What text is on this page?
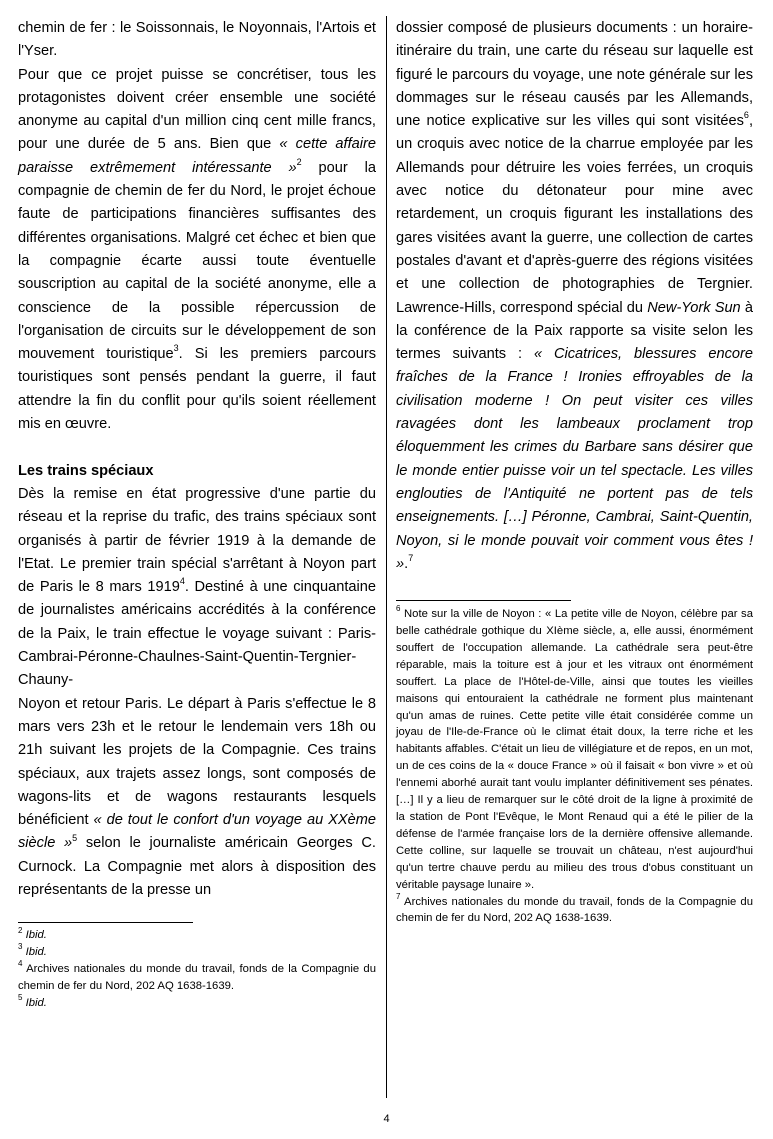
chemin de fer : le Soissonnais, le Noyonnais, l'Artois et l'Yser.

Pour que ce projet puisse se concrétiser, tous les protagonistes doivent créer ensemble une société anonyme au capital d'un million cinq cent mille francs, pour une durée de 5 ans. Bien que « cette affaire paraisse extrêmement intéressante »$^2$ pour la compagnie de chemin de fer du Nord, le projet échoue faute de participations financières suffisantes des différentes organisations. Malgré cet échec et bien que la compagnie écarte aussi toute éventuelle souscription au capital de la société anonyme, elle a conscience de la possible répercussion de l'organisation de circuits sur le développement de son mouvement touristique$^3$. Si les premiers parcours touristiques sont pensés pendant la guerre, il faut attendre la fin du conflit pour qu'ils soient réellement mis en œuvre.

Les trains spéciaux

Dès la remise en état progressive d'une partie du réseau et la reprise du trafic, des trains spéciaux sont organisés à partir de février 1919 à la demande de l'Etat. Le premier train spécial s'arrêtant à Noyon part de Paris le 8 mars 1919$^4$. Destiné à une cinquantaine de journalistes américains accrédités à la conférence de la Paix, le train effectue le voyage suivant : Paris-Cambrai-Péronne-Chaulnes-Saint-Quentin-Tergnier-Chauny-

Noyon et retour Paris. Le départ à Paris s'effectue le 8 mars vers 23h et le retour le lendemain vers 18h ou 21h suivant les projets de la Compagnie. Ces trains spéciaux, aux trajets assez longs, sont composés de wagons-lits et de wagons restaurants lesquels bénéficient « de tout le confort d'un voyage au XXème siècle »$^5$ selon le journaliste américain Georges C. Curnock. La Compagnie met alors à disposition des représentants de la presse un

$^2$ Ibid.

$^3$ Ibid.

$^4$ Archives nationales du monde du travail, fonds de la Compagnie du chemin de fer du Nord, 202 AQ 1638-1639.

$^5$ Ibid.

dossier composé de plusieurs documents : un horaire-itinéraire du train, une carte du réseau sur laquelle est figuré le parcours du voyage, une note générale sur les dommages sur le réseau causés par les Allemands, une notice explicative sur les villes qui sont visitées$^6$, un croquis avec notice de la charrue employée par les Allemands pour détruire les voies ferrées, un croquis avec notice du détonateur pour mine avec retardement, un croquis figurant les installations des gares visitées avant la guerre, une collection de cartes postales d'avant et d'après-guerre des régions visitées et une collection de photographies de Tergnier. Lawrence-Hills, correspond spécial du New-York Sun à la conférence de la Paix rapporte sa visite selon les termes suivants : « Cicatrices, blessures encore fraîches de la France ! Ironies effroyables de la civilisation moderne ! On peut visiter ces villes ravagées dont les lambeaux proclament trop éloquemment les crimes du Barbare sans désirer que le monde entier puisse voir un tel spectacle. Les villes englouties de l'Antiquité ne portent pas de tels enseignements. […] Péronne, Cambrai, Saint-Quentin, Noyon, si le monde pouvait voir comment vous êtes ! ».$^7$

$^6$ Note sur la ville de Noyon : « La petite ville de Noyon, célèbre par sa belle cathédrale gothique du XIème siècle, a, elle aussi, énormément souffert de l'occupation allemande. La cathédrale sera peut-être réparable, mais la toiture est à jour et les vitraux ont énormément souffert. La place de l'Hôtel-de-Ville, ainsi que toutes les vieilles maisons qui entouraient la cathédrale ne forment plus maintenant qu'un amas de ruines. Cette petite ville était considérée comme un joyau de l'Ile-de-France où le climat était doux, la terre riche et les habitants affables. C'était un lieu de villégiature et de repos, en un mot, un de ces coins de la « douce France » où il faisait « bon vivre » et où l'ennemi aborhé aurait tant voulu implanter définitivement ses pénates. […] Il y a lieu de remarquer sur le côté droit de la ligne à proximité de la station de Pont l'Evêque, le Mont Renaud qui a été le pilier de la défense de l'armée française lors de la dernière offensive allemande. Cette colline, sur laquelle se trouvait un château, n'est aujourd'hui qu'un tertre chauve perdu au milieu des trous d'obus constituant un véritable paysage lunaire ».

$^7$ Archives nationales du monde du travail, fonds de la Compagnie du chemin de fer du Nord, 202 AQ 1638-1639.

4
